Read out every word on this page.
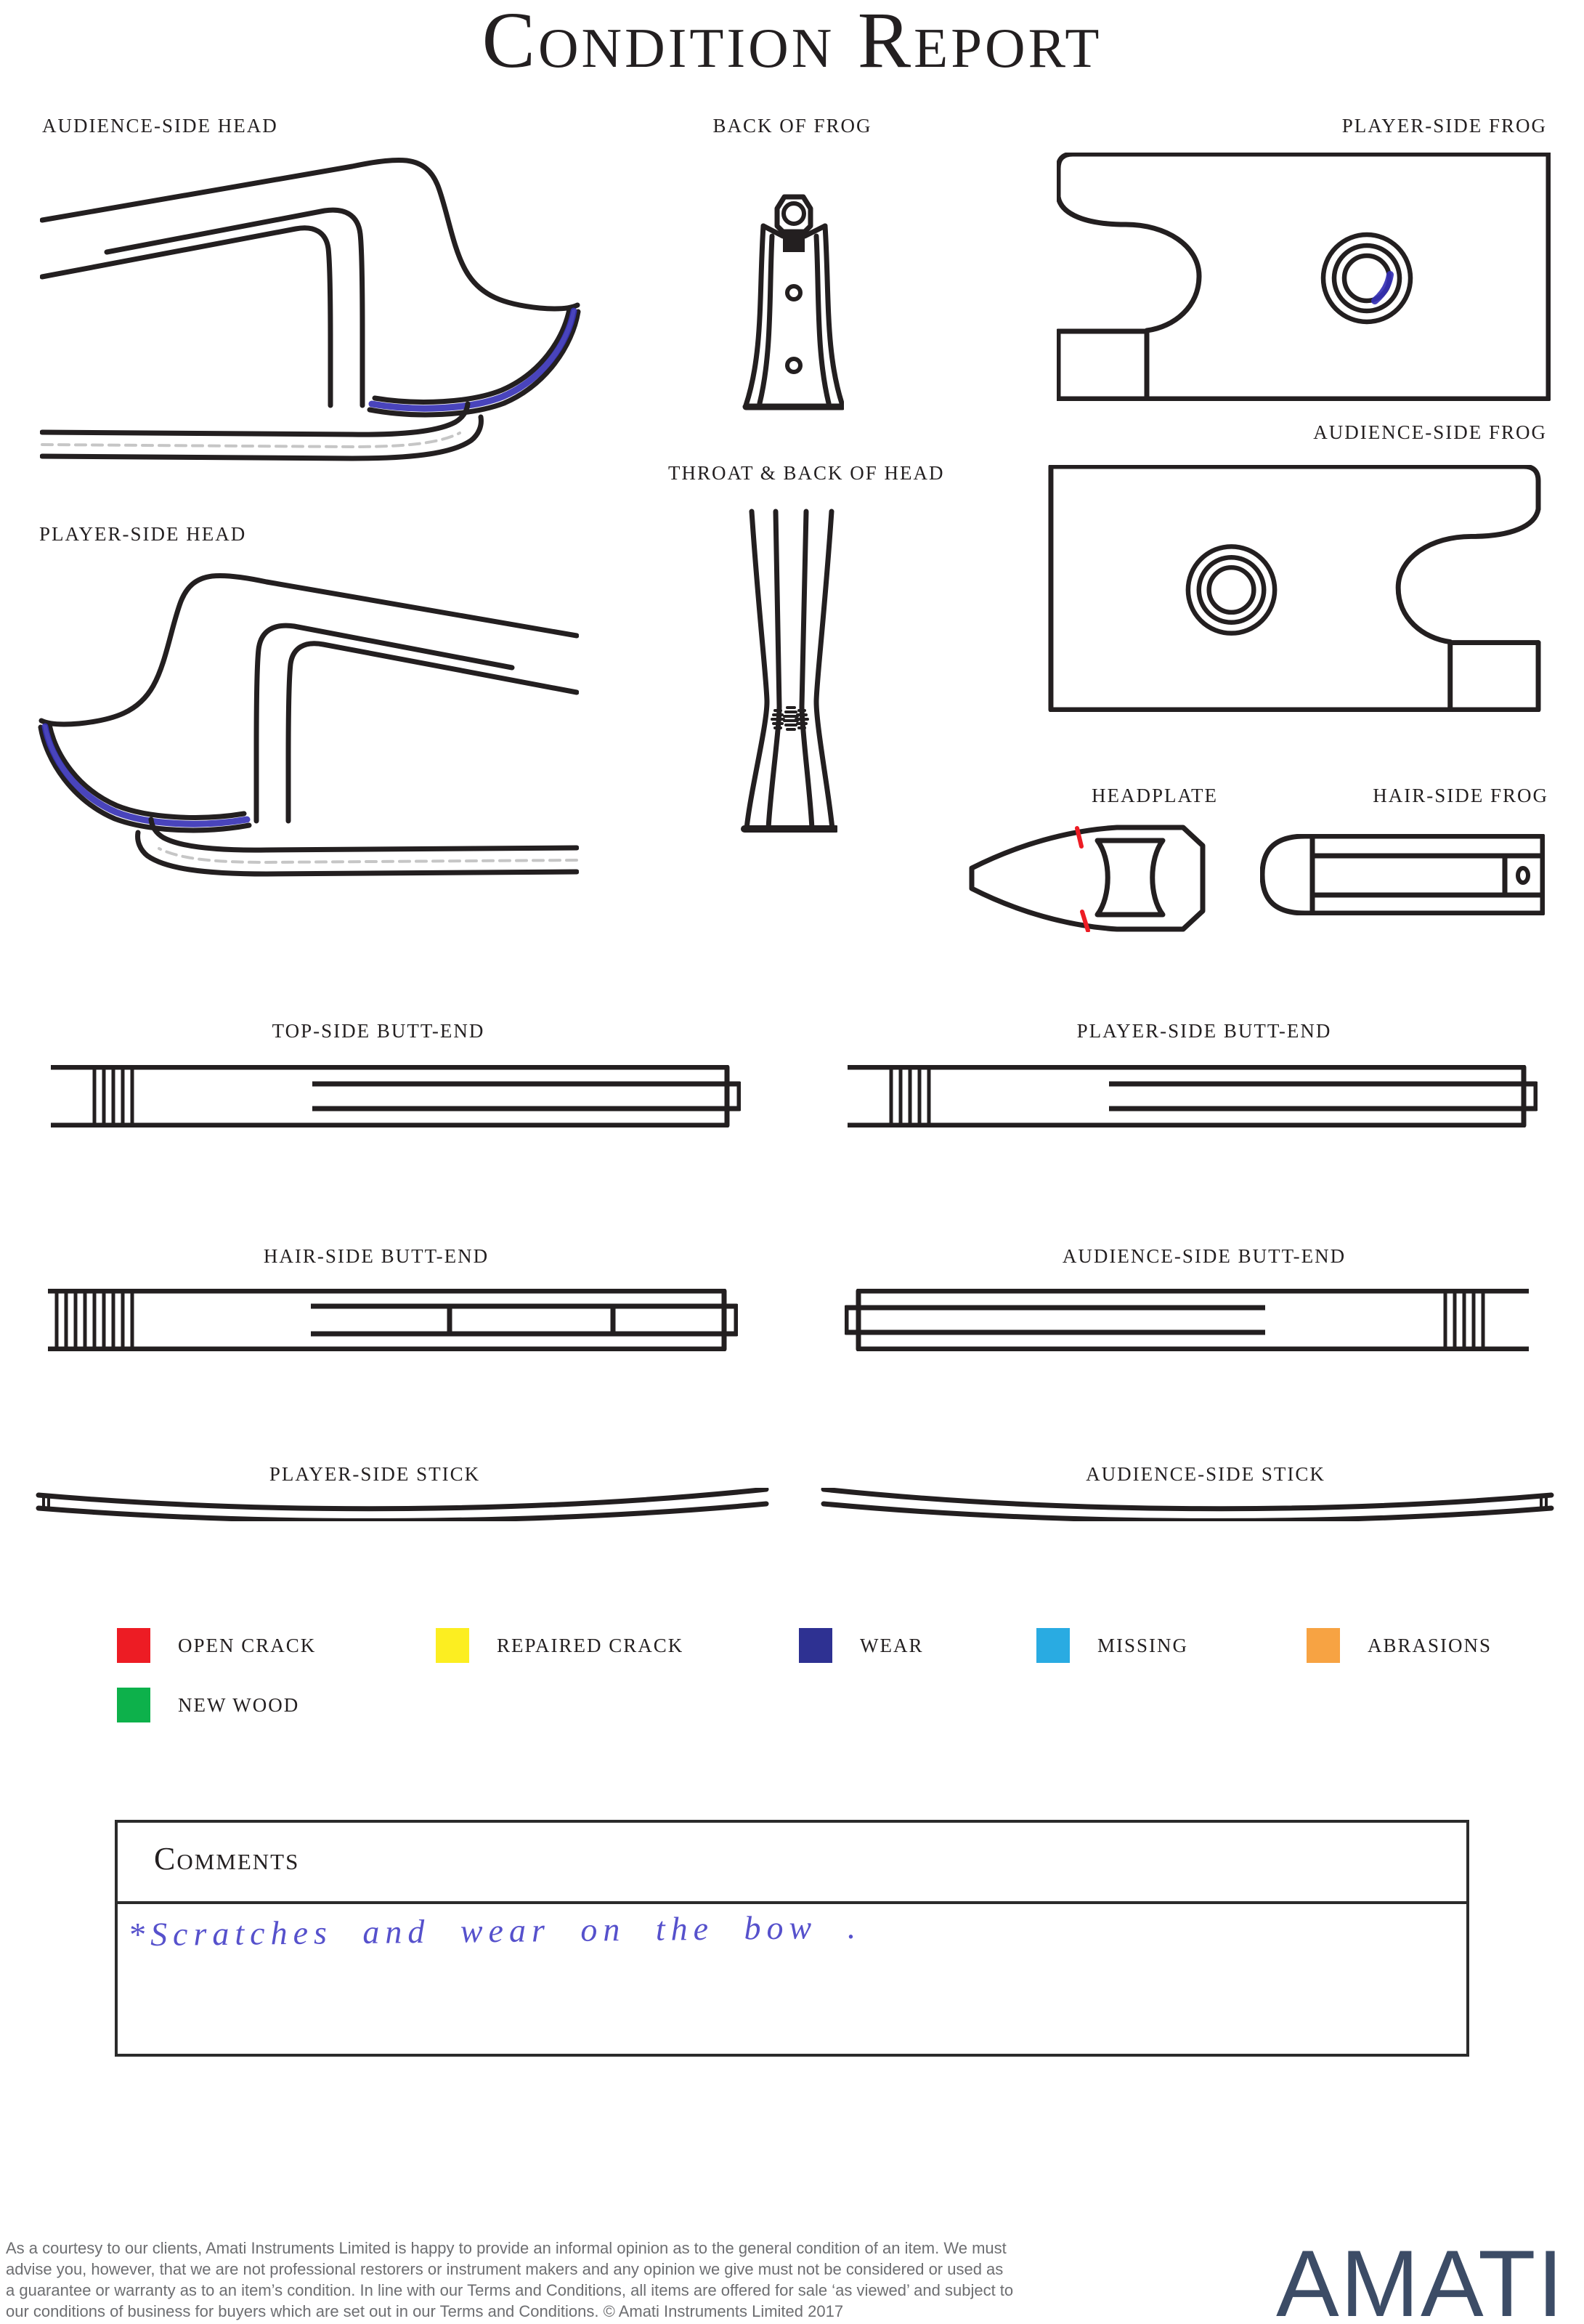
Condition Report
AUDIENCE-SIDE HEAD	BACK OF FROG	PLAYER-SIDE FROG
AUDIENCE-SIDE FROG
PLAYER-SIDE HEAD
THROAT & BACK OF HEAD
HEADPLATE	HAIR-SIDE FROG
TOP-SIDE BUTT-END	PLAYER-SIDE BUTT-END
HAIR-SIDE BUTT-END	AUDIENCE-SIDE BUTT-END
PLAYER-SIDE STICK	AUDIENCE-SIDE STICK
OPEN CRACK	REPAIRED CRACK	WEAR	MISSING	ABRASIONS
NEW WOOD
Comments
*Scratches and wear on the bow .
As a courtesy to our clients, Amati Instruments Limited is happy to provide an informal opinion as to the general condition of an item. We must
advise you, however, that we are not professional restorers or instrument makers and any opinion we give must not be considered or used as
a guarantee or warranty as to an item’s condition. In line with our Terms and Conditions, all items are offered for sale ‘as viewed’ and subject to
our conditions of business for buyers which are set out in our Terms and Conditions. © Amati Instruments Limited 2017	AMATI
